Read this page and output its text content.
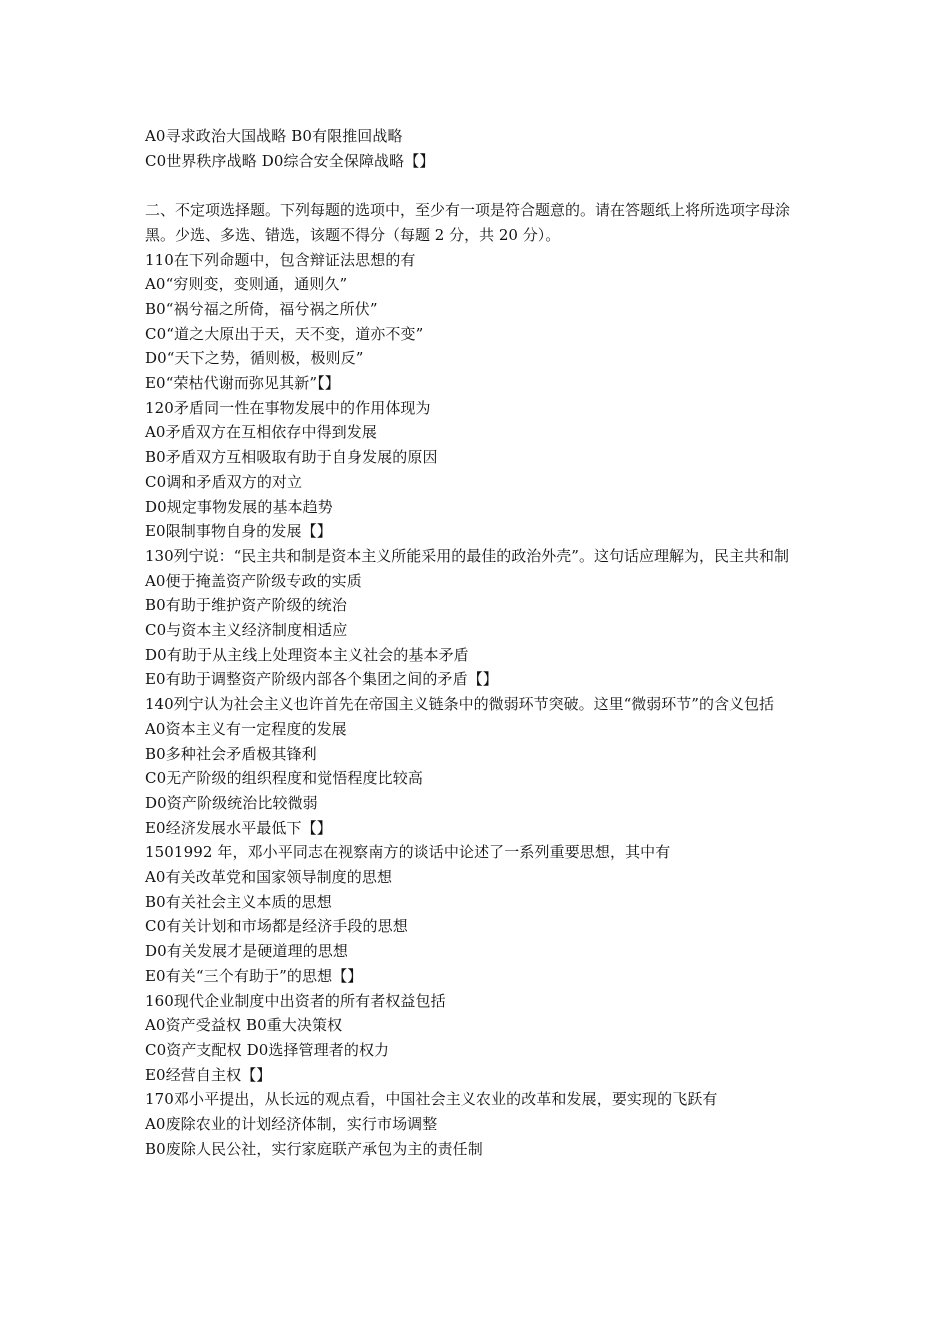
A0寻求政治大国战略 B0有限推回战略
C0世界秩序战略 D0综合安全保障战略【】
二、不定项选择题。下列每题的选项中，至少有一项是符合题意的。请在答题纸上将所选项字母涂黑。少选、多选、错选，该题不得分（每题 2 分，共 20 分）。
110在下列命题中，包含辩证法思想的有
A0“穷则变，变则通，通则久”
B0“祸兮福之所倚，福兮祸之所伏”
C0“道之大原出于天，天不变，道亦不变”
D0“天下之势，循则极，极则反”
E0“荣枯代谢而弥见其新”【】
120矛盾同一性在事物发展中的作用体现为
A0矛盾双方在互相依存中得到发展
B0矛盾双方互相吸取有助于自身发展的原因
C0调和矛盾双方的对立
D0规定事物发展的基本趋势
E0限制事物自身的发展【】
130列宁说：“民主共和制是资本主义所能采用的最佳的政治外壳”。这句话应理解为，民主共和制
A0便于掩盖资产阶级专政的实质
B0有助于维护资产阶级的统治
C0与资本主义经济制度相适应
D0有助于从主线上处理资本主义社会的基本矛盾
E0有助于调整资产阶级内部各个集团之间的矛盾【】
140列宁认为社会主义也许首先在帝国主义链条中的微弱环节突破。这里“微弱环节”的含义包括
A0资本主义有一定程度的发展
B0多种社会矛盾极其锋利
C0无产阶级的组织程度和觉悟程度比较高
D0资产阶级统治比较微弱
E0经济发展水平最低下【】
1501992 年，邓小平同志在视察南方的谈话中论述了一系列重要思想，其中有
A0有关改革党和国家领导制度的思想
B0有关社会主义本质的思想
C0有关计划和市场都是经济手段的思想
D0有关发展才是硬道理的思想
E0有关“三个有助于”的思想【】
160现代企业制度中出资者的所有者权益包括
A0资产受益权 B0重大决策权
C0资产支配权 D0选择管理者的权力
E0经营自主权【】
170邓小平提出，从长远的观点看，中国社会主义农业的改革和发展，要实现的飞跃有
A0废除农业的计划经济体制，实行市场调整
B0废除人民公社，实行家庭联产承包为主的责任制
